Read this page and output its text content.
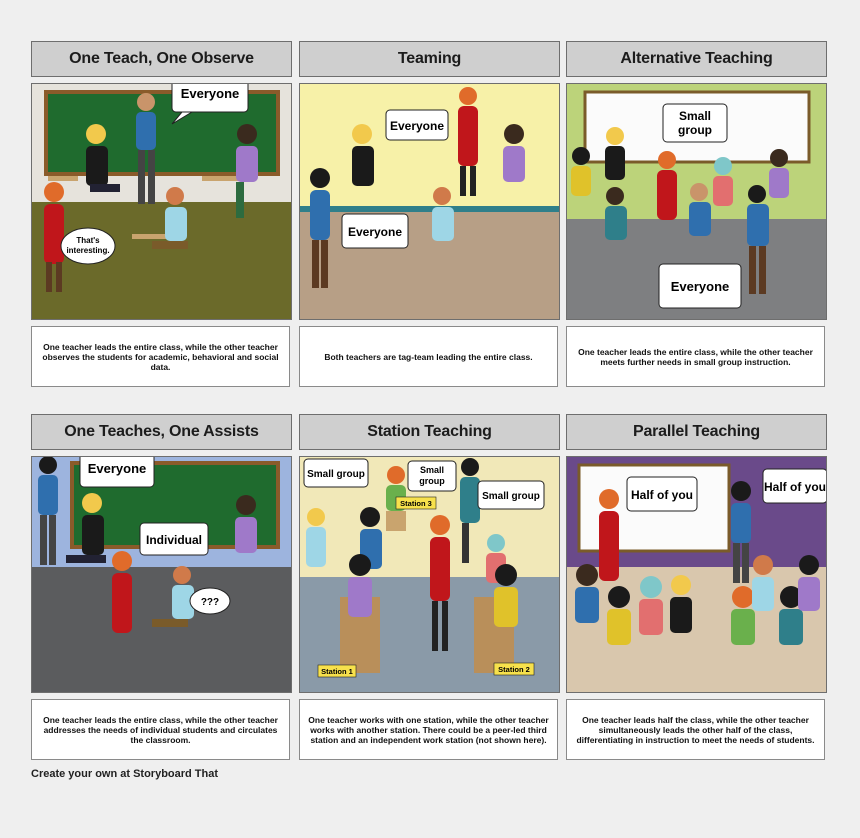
One Teach, One Observe
Everyone
That's
interesting.
One teacher leads the entire class, while the other teacher observes the students for academic, behavioral and social data.
Teaming
Everyone
Everyone
Both teachers are tag-team leading the entire class.
Alternative Teaching
Small
group
Everyone
One teacher leads the entire class, while the other teacher meets further needs in small group instruction.
One Teaches, One Assists
Everyone
Individual
???
One teacher leads the entire class, while the other teacher addresses the needs of individual students and circulates the classroom.
Station Teaching
Small group	Small
group
Small group
Station 3
Station 1	Station 2
One teacher works with one station, while the other teacher works with another station. There could be a peer-led third station and an independent work station (not shown here).
Parallel Teaching
Half of you
Half of you
One teacher leads half the class, while the other teacher simultaneously leads the other half of the class, differentiating in instruction to meet the needs of students.
Create your own at Storyboard That
